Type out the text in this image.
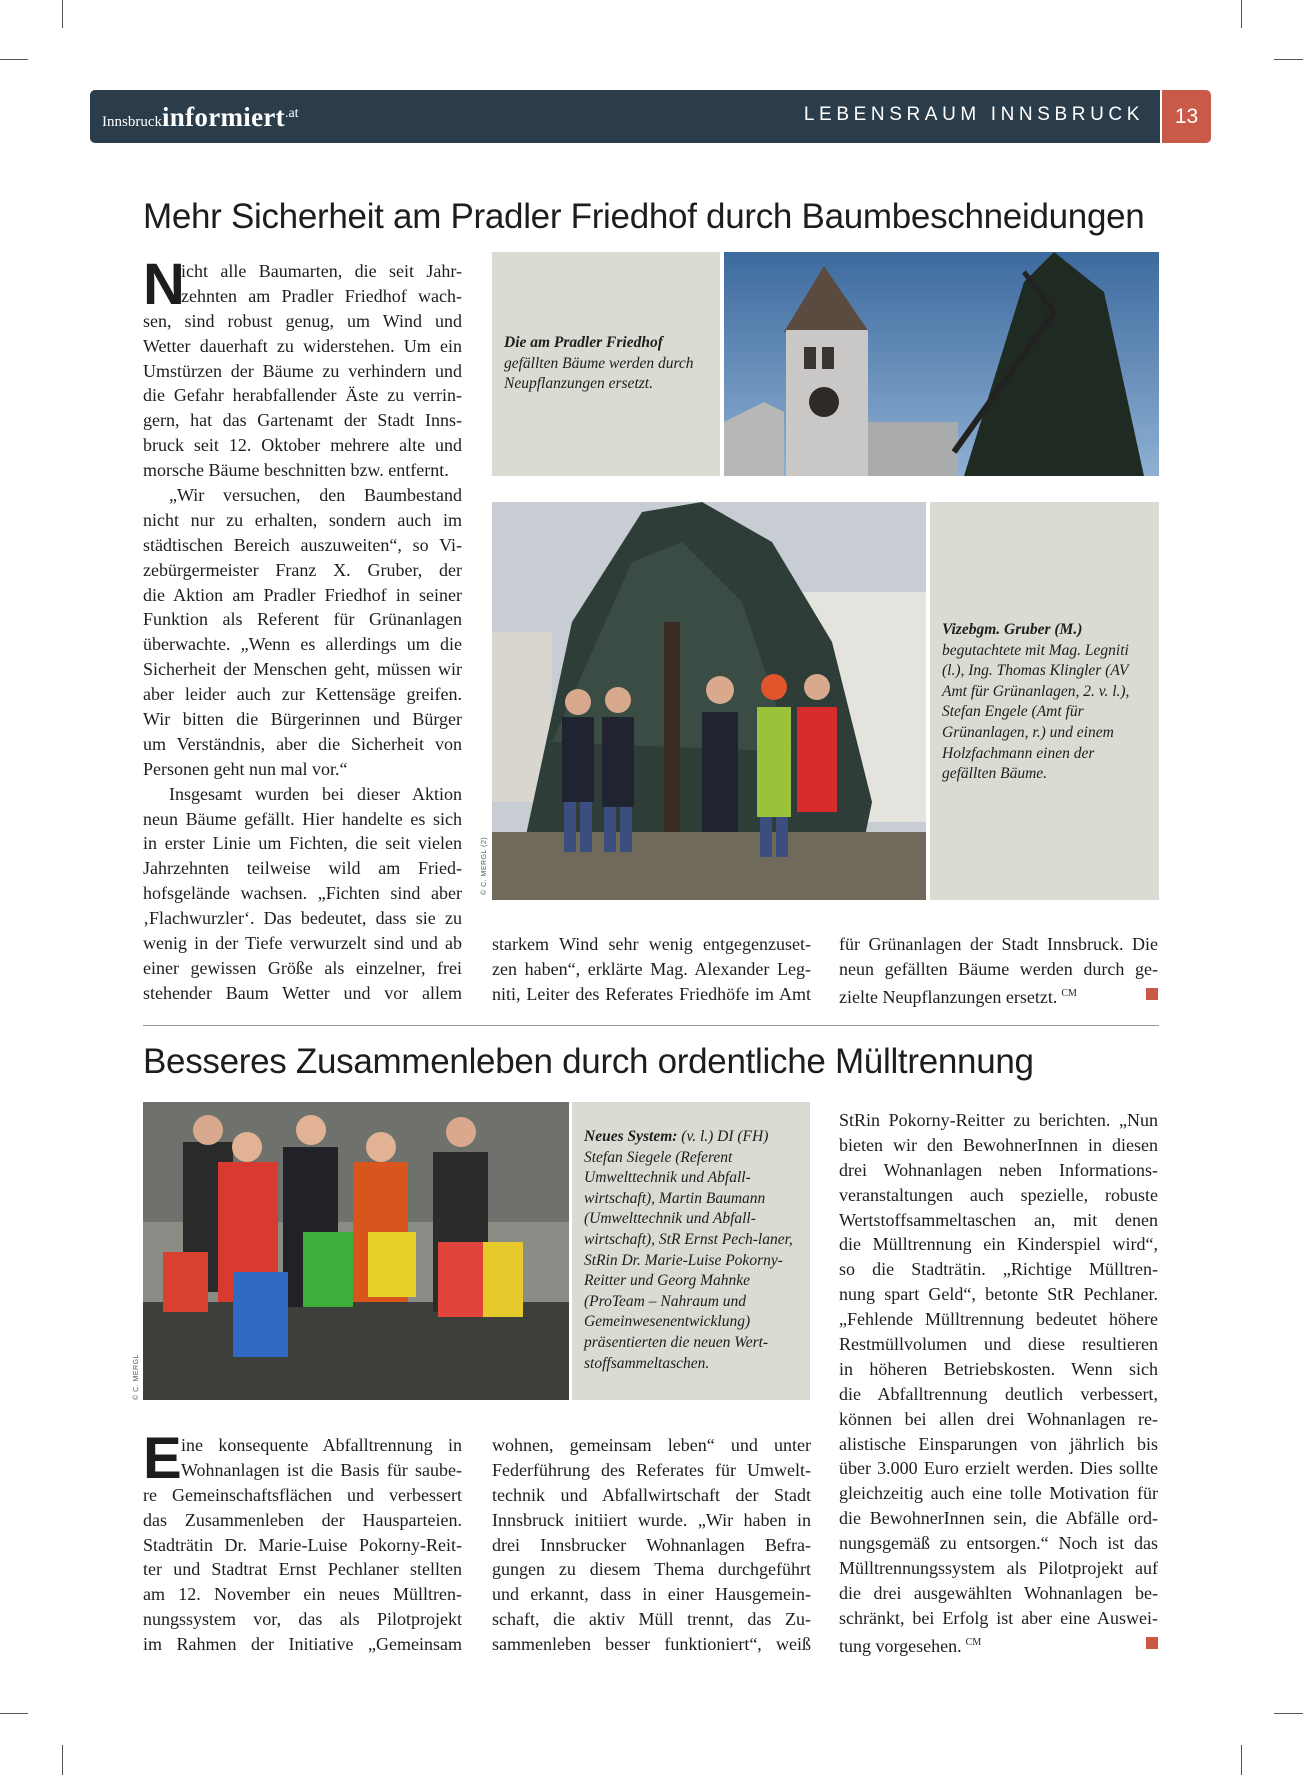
Innsbruckinformiert.at	LEBENSRAUM INNSBRUCK	13
Mehr Sicherheit am Pradler Friedhof durch Baumbeschneidungen
N
icht alle Baumarten, die seit Jahr-
zehnten am Pradler Friedhof wach-
sen, sind robust genug, um Wind und
Wetter dauerhaft zu widerstehen. Um ein
Umstürzen der Bäume zu verhindern und
die Gefahr herabfallender Äste zu verrin-
gern, hat das Gartenamt der Stadt Inns-
bruck seit 12. Oktober mehrere alte und
morsche Bäume beschnitten bzw. entfernt.
„Wir versuchen, den Baumbestand
nicht nur zu erhalten, sondern auch im
städtischen Bereich auszuweiten“, so Vi-
zebürgermeister Franz X. Gruber, der
die Aktion am Pradler Friedhof in seiner
Funktion als Referent für Grünanlagen
überwachte. „Wenn es allerdings um die
Sicherheit der Menschen geht, müssen wir
aber leider auch zur Kettensäge greifen.
Wir bitten die Bürgerinnen und Bürger
um Verständnis, aber die Sicherheit von
Personen geht nun mal vor.“
Insgesamt wurden bei dieser Aktion
neun Bäume gefällt. Hier handelte es sich
in erster Linie um Fichten, die seit vielen
Jahrzehnten teilweise wild am Fried-
hofsgelände wachsen. „Fichten sind aber
‚Flachwurzler‘. Das bedeutet, dass sie zu
wenig in der Tiefe verwurzelt sind und ab
einer gewissen Größe als einzelner, frei
stehender Baum Wetter und vor allem
starkem Wind sehr wenig entgegenzuset-
zen haben“, erklärte Mag. Alexander Leg-
niti, Leiter des Referates Friedhöfe im Amt
für Grünanlagen der Stadt Innsbruck. Die
neun gefällten Bäume werden durch ge-
zielte Neupflanzungen ersetzt. $^{CM}$
Die am Pradler Friedhof
gefällten Bäume werden durch Neupflanzungen ersetzt.
Vizebgm. Gruber (M.)
begutachtete mit Mag. Legniti (l.), Ing. Thomas Klingler (AV Amt für Grünanlagen, 2. v. l.), Stefan Engele (Amt für Grünanlagen, r.) und einem Holzfachmann einen der gefällten Bäume.
© C. MERGL (2)
Besseres Zusammenleben durch ordentliche Mülltrennung
© C. MERGL
Neues System: (v. l.) DI (FH) Stefan Siegele (Referent Umwelttechnik und Abfall-wirtschaft), Martin Baumann (Umwelttechnik und Abfall-wirtschaft), StR Ernst Pech-laner, StRin Dr. Marie-Luise Pokorny-Reitter und Georg Mahnke (ProTeam – Nahraum und Gemeinwesenentwicklung) präsentierten die neuen Wert-stoffsammeltaschen.
E ine konsequente Abfalltrennung in
Wohnanlagen ist die Basis für saube-
re Gemeinschaftsflächen und verbessert
das Zusammenleben der Hausparteien.
Stadträtin Dr. Marie-Luise Pokorny-Reit-
ter und Stadtrat Ernst Pechlaner stellten
am 12. November ein neues Mülltren-
nungssystem vor, das als Pilotprojekt
im Rahmen der Initiative „Gemeinsam
wohnen, gemeinsam leben“ und unter
Federführung des Referates für Umwelt-
technik und Abfallwirtschaft der Stadt
Innsbruck initiiert wurde. „Wir haben in
drei Innsbrucker Wohnanlagen Befra-
gungen zu diesem Thema durchgeführt
und erkannt, dass in einer Hausgemein-
schaft, die aktiv Müll trennt, das Zu-
sammenleben besser funktioniert“, weiß
StRin Pokorny-Reitter zu berichten. „Nun
bieten wir den BewohnerInnen in diesen
drei Wohnanlagen neben Informations-
veranstaltungen auch spezielle, robuste
Wertstoffsammeltaschen an, mit denen
die Mülltrennung ein Kinderspiel wird“,
so die Stadträtin. „Richtige Mülltren-
nung spart Geld“, betonte StR Pechlaner.
„Fehlende Mülltrennung bedeutet höhere
Restmüllvolumen und diese resultieren
in höheren Betriebskosten. Wenn sich
die Abfalltrennung deutlich verbessert,
können bei allen drei Wohnanlagen re-
alistische Einsparungen von jährlich bis
über 3.000 Euro erzielt werden. Dies sollte
gleichzeitig auch eine tolle Motivation für
die BewohnerInnen sein, die Abfälle ord-
nungsgemäß zu entsorgen.“ Noch ist das
Mülltrennungssystem als Pilotprojekt auf
die drei ausgewählten Wohnanlagen be-
schränkt, bei Erfolg ist aber eine Auswei-
tung vorgesehen. $^{CM}$
